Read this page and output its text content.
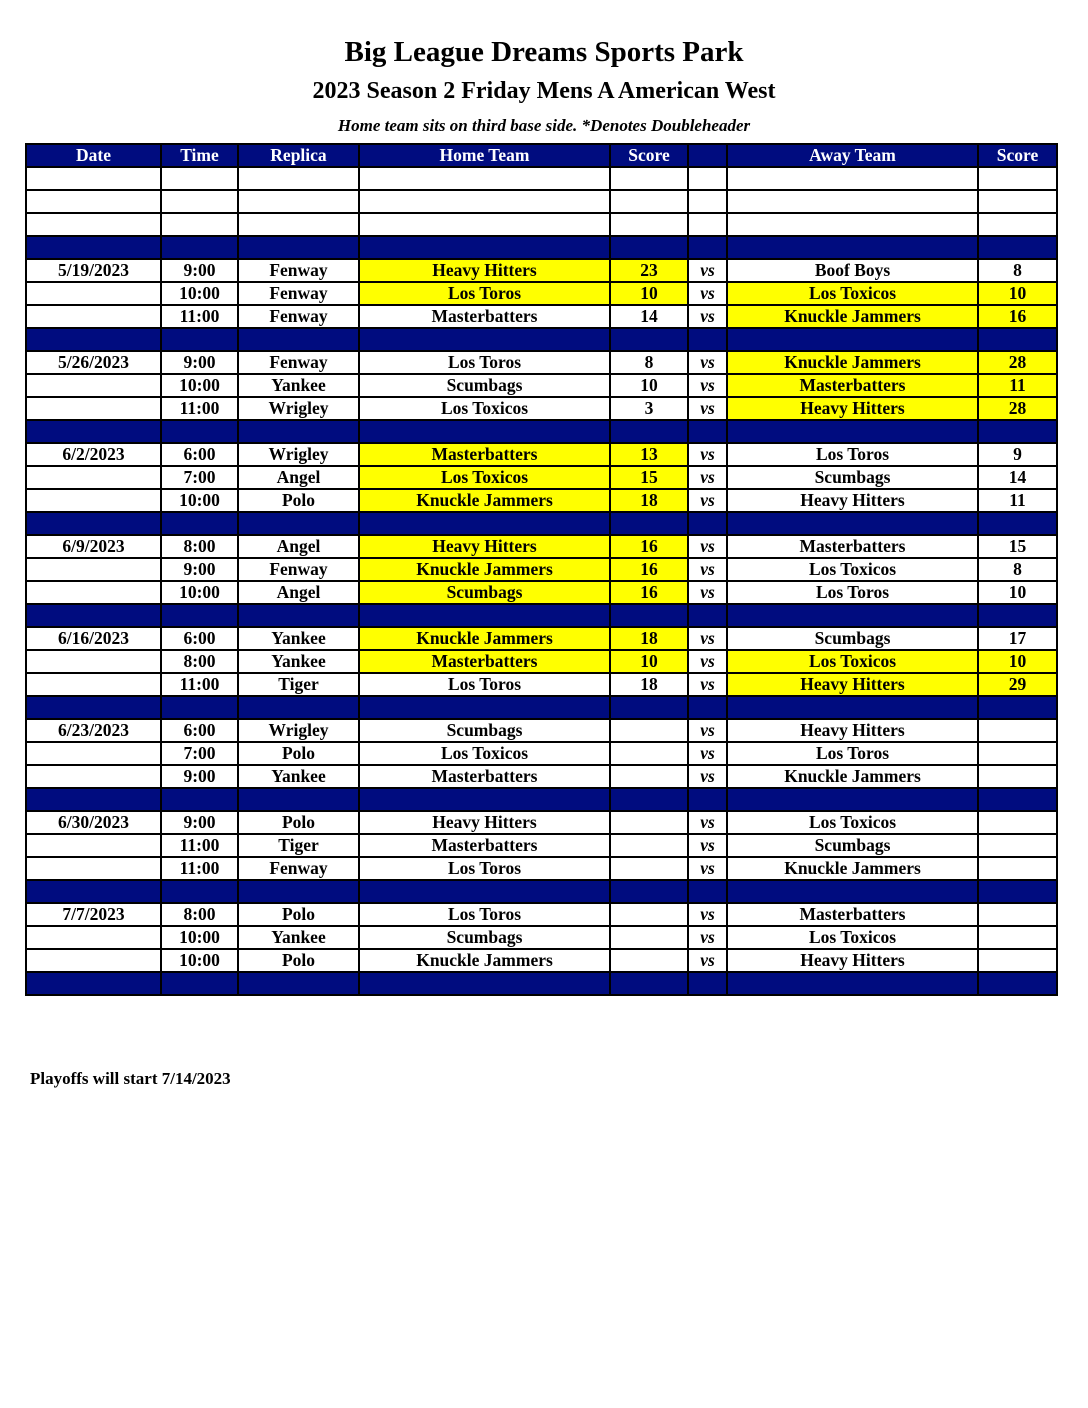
Big League Dreams Sports Park
2023 Season 2 Friday Mens A American West
Home team sits on third base side. *Denotes Doubleheader
Date	Time	Replica	Home Team	Score		Away Team	Score

5/19/2023	9:00	Fenway	Heavy Hitters	23	vs	Boof Boys	8
	10:00	Fenway	Los Toros	10	vs	Los Toxicos	10
	11:00	Fenway	Masterbatters	14	vs	Knuckle Jammers	16

5/26/2023	9:00	Fenway	Los Toros	8	vs	Knuckle Jammers	28
	10:00	Yankee	Scumbags	10	vs	Masterbatters	11
	11:00	Wrigley	Los Toxicos	3	vs	Heavy Hitters	28

6/2/2023	6:00	Wrigley	Masterbatters	13	vs	Los Toros	9
	7:00	Angel	Los Toxicos	15	vs	Scumbags	14
	10:00	Polo	Knuckle Jammers	18	vs	Heavy Hitters	11

6/9/2023	8:00	Angel	Heavy Hitters	16	vs	Masterbatters	15
	9:00	Fenway	Knuckle Jammers	16	vs	Los Toxicos	8
	10:00	Angel	Scumbags	16	vs	Los Toros	10

6/16/2023	6:00	Yankee	Knuckle Jammers	18	vs	Scumbags	17
	8:00	Yankee	Masterbatters	10	vs	Los Toxicos	10
	11:00	Tiger	Los Toros	18	vs	Heavy Hitters	29

6/23/2023	6:00	Wrigley	Scumbags		vs	Heavy Hitters	
	7:00	Polo	Los Toxicos		vs	Los Toros	
	9:00	Yankee	Masterbatters		vs	Knuckle Jammers	

6/30/2023	9:00	Polo	Heavy Hitters		vs	Los Toxicos	
	11:00	Tiger	Masterbatters		vs	Scumbags	
	11:00	Fenway	Los Toros		vs	Knuckle Jammers	

7/7/2023	8:00	Polo	Los Toros		vs	Masterbatters	
	10:00	Yankee	Scumbags		vs	Los Toxicos	
	10:00	Polo	Knuckle Jammers		vs	Heavy Hitters	

Playoffs will start 7/14/2023
